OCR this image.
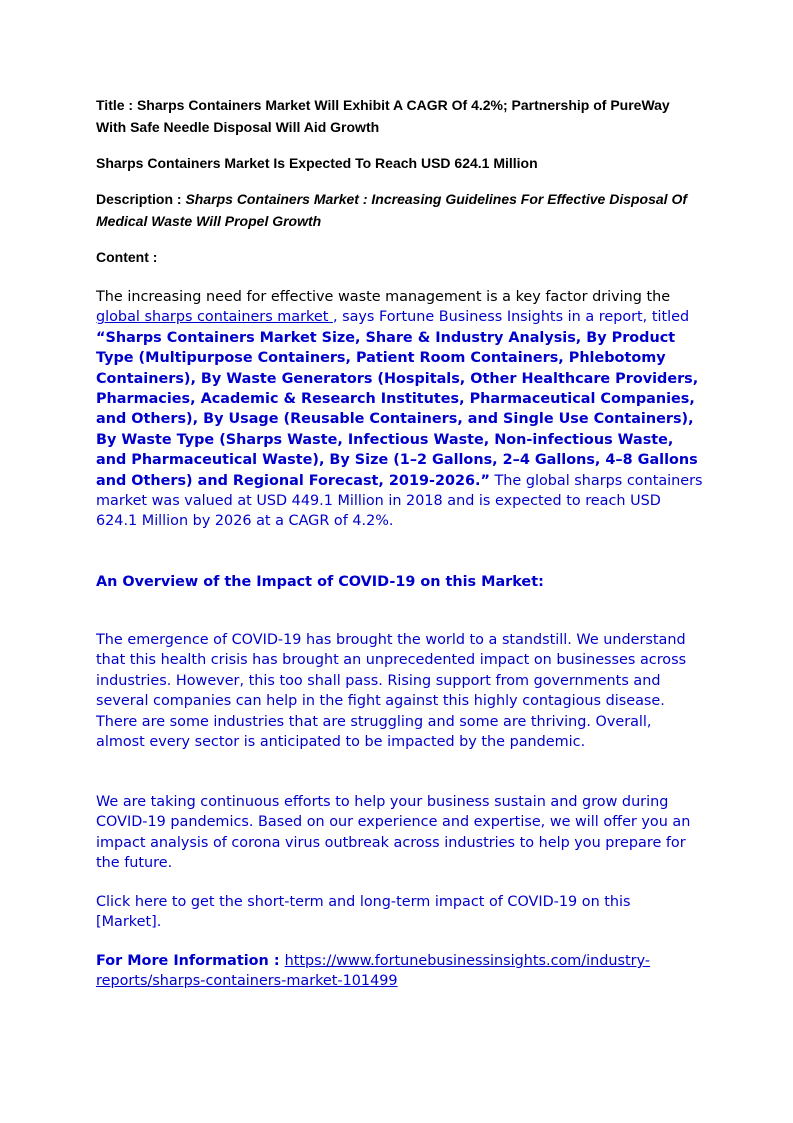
Title : Sharps Containers Market Will Exhibit A CAGR Of 4.2%; Partnership of PureWay With Safe Needle Disposal Will Aid Growth
Sharps Containers Market Is Expected To Reach USD 624.1 Million
Description : Sharps Containers Market : Increasing Guidelines For Effective Disposal Of Medical Waste Will Propel Growth
Content :
The increasing need for effective waste management is a key factor driving the global sharps containers market , says Fortune Business Insights in a report, titled “Sharps Containers Market Size, Share & Industry Analysis, By Product Type (Multipurpose Containers, Patient Room Containers, Phlebotomy Containers), By Waste Generators (Hospitals, Other Healthcare Providers, Pharmacies, Academic & Research Institutes, Pharmaceutical Companies, and Others), By Usage (Reusable Containers, and Single Use Containers), By Waste Type (Sharps Waste, Infectious Waste, Non-infectious Waste, and Pharmaceutical Waste), By Size (1–2 Gallons, 2–4 Gallons, 4–8 Gallons and Others) and Regional Forecast, 2019-2026.” The global sharps containers market was valued at USD 449.1 Million in 2018 and is expected to reach USD 624.1 Million by 2026 at a CAGR of 4.2%.
An Overview of the Impact of COVID-19 on this Market:
The emergence of COVID-19 has brought the world to a standstill. We understand that this health crisis has brought an unprecedented impact on businesses across industries. However, this too shall pass. Rising support from governments and several companies can help in the fight against this highly contagious disease. There are some industries that are struggling and some are thriving. Overall, almost every sector is anticipated to be impacted by the pandemic.
We are taking continuous efforts to help your business sustain and grow during COVID-19 pandemics. Based on our experience and expertise, we will offer you an impact analysis of corona virus outbreak across industries to help you prepare for the future.
Click here to get the short-term and long-term impact of COVID-19 on this [Market].
For More Information : https://www.fortunebusinessinsights.com/industry-reports/sharps-containers-market-101499
